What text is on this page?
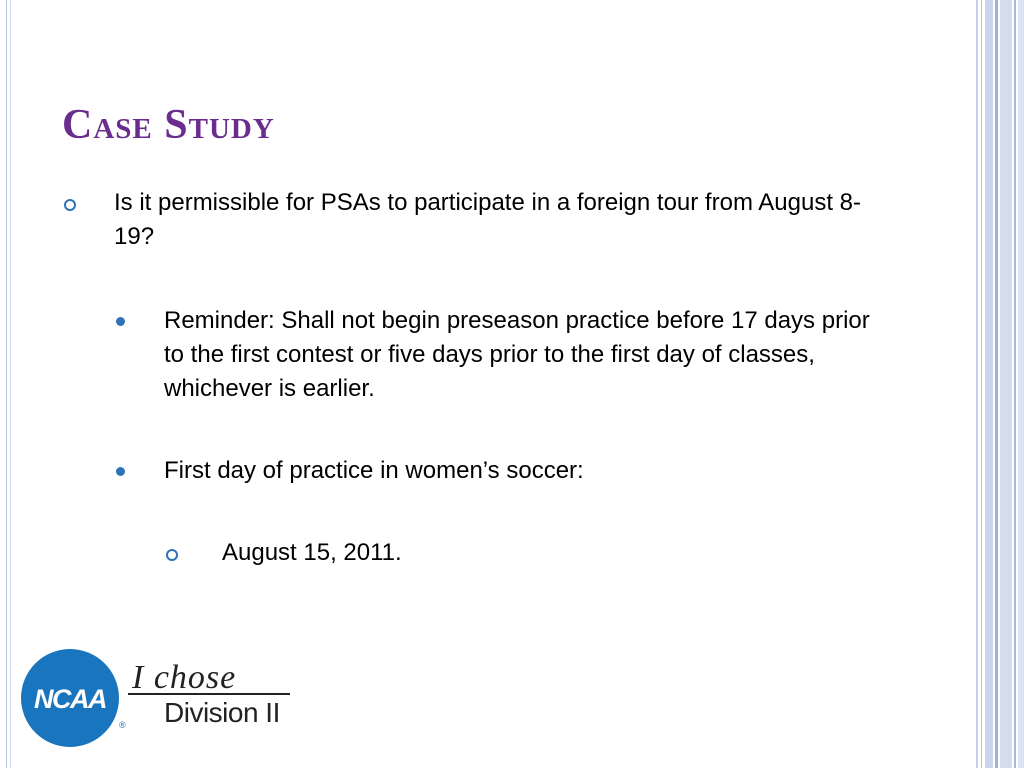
Case Study
Is it permissible for PSAs to participate in a foreign tour from August 8-19?
Reminder: Shall not begin preseason practice before 17 days prior to the first contest or five days prior to the first day of classes, whichever is earlier.
First day of practice in women’s soccer:
August 15, 2011.
NCAA
®
I chose
Division II
